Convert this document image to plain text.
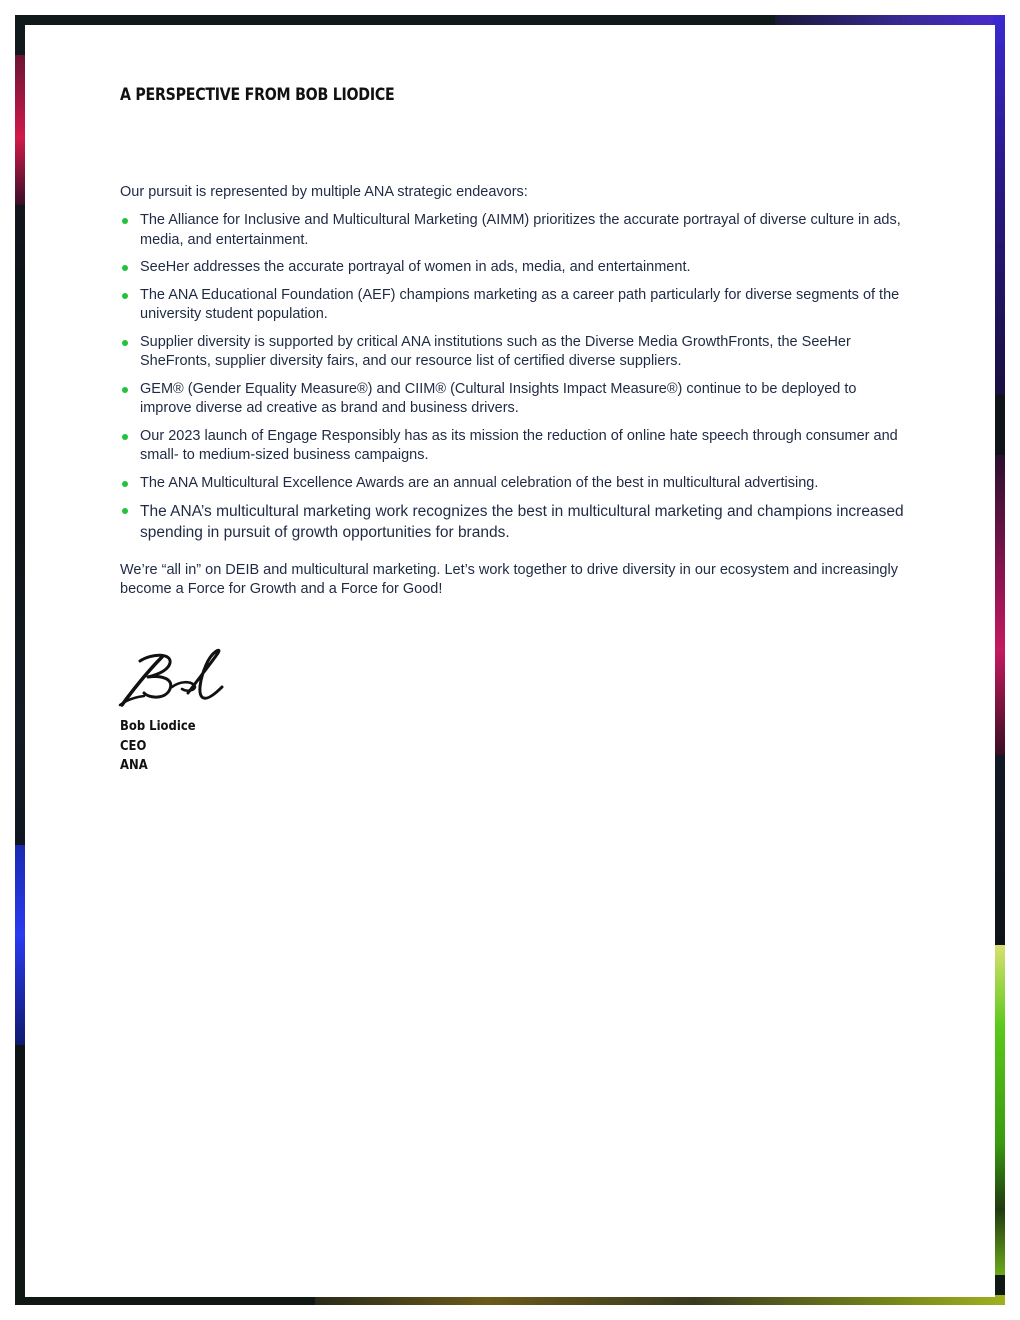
A PERSPECTIVE FROM BOB LIODICE

Our pursuit is represented by multiple ANA strategic endeavors:

The Alliance for Inclusive and Multicultural Marketing (AIMM) prioritizes the accurate portrayal of diverse culture in ads, media, and entertainment.
SeeHer addresses the accurate portrayal of women in ads, media, and entertainment.
The ANA Educational Foundation (AEF) champions marketing as a career path particularly for diverse segments of the university student population.
Supplier diversity is supported by critical ANA institutions such as the Diverse Media GrowthFronts, the SeeHer SheFronts, supplier diversity fairs, and our resource list of certified diverse suppliers.
GEM® (Gender Equality Measure®) and CIIM® (Cultural Insights Impact Measure®) continue to be deployed to improve diverse ad creative as brand and business drivers.
Our 2023 launch of Engage Responsibly has as its mission the reduction of online hate speech through consumer and small- to medium-sized business campaigns.
The ANA Multicultural Excellence Awards are an annual celebration of the best in multicultural advertising.
The ANA’s multicultural marketing work recognizes the best in multicultural marketing and champions increased spending in pursuit of growth opportunities for brands.

We’re “all in” on DEIB and multicultural marketing. Let’s work together to drive diversity in our ecosystem and increasingly become a Force for Growth and a Force for Good!

Bob Liodice
CEO
ANA
